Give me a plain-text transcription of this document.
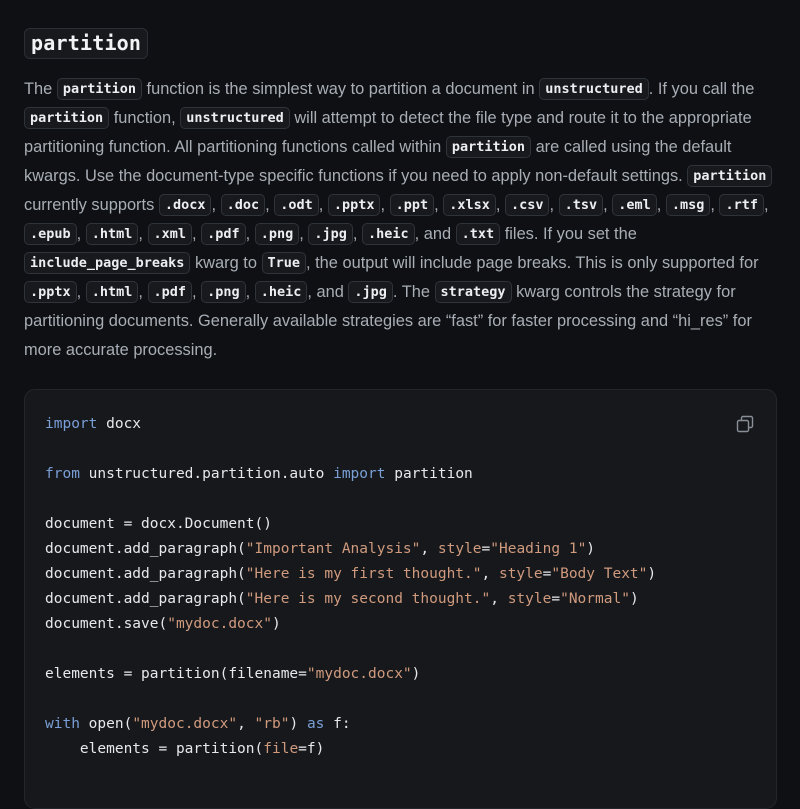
partition
The partition function is the simplest way to partition a document in unstructured . If you call the partition function, unstructured will attempt to detect the file type and route it to the appropriate partitioning function. All partitioning functions called within partition are called using the default kwargs. Use the document-type specific functions if you need to apply non-default settings. partition currently supports .docx , .doc , .odt , .pptx , .ppt , .xlsx , .csv , .tsv , .eml , .msg , .rtf , .epub , .html , .xml , .pdf , .png , .jpg , .heic , and .txt files. If you set the include_page_breaks kwarg to True , the output will include page breaks. This is only supported for .pptx , .html , .pdf , .png , .heic , and .jpg . The strategy kwarg controls the strategy for partitioning documents. Generally available strategies are “fast” for faster processing and “hi_res” for more accurate processing.
import docx
from unstructured.partition.auto import partition
document = docx.Document()
document.add_paragraph("Important Analysis", style="Heading 1")
document.add_paragraph("Here is my first thought.", style="Body Text")
document.add_paragraph("Here is my second thought.", style="Normal")
document.save("mydoc.docx")
elements = partition(filename="mydoc.docx")
with open("mydoc.docx", "rb") as f:
elements = partition(file=f)
